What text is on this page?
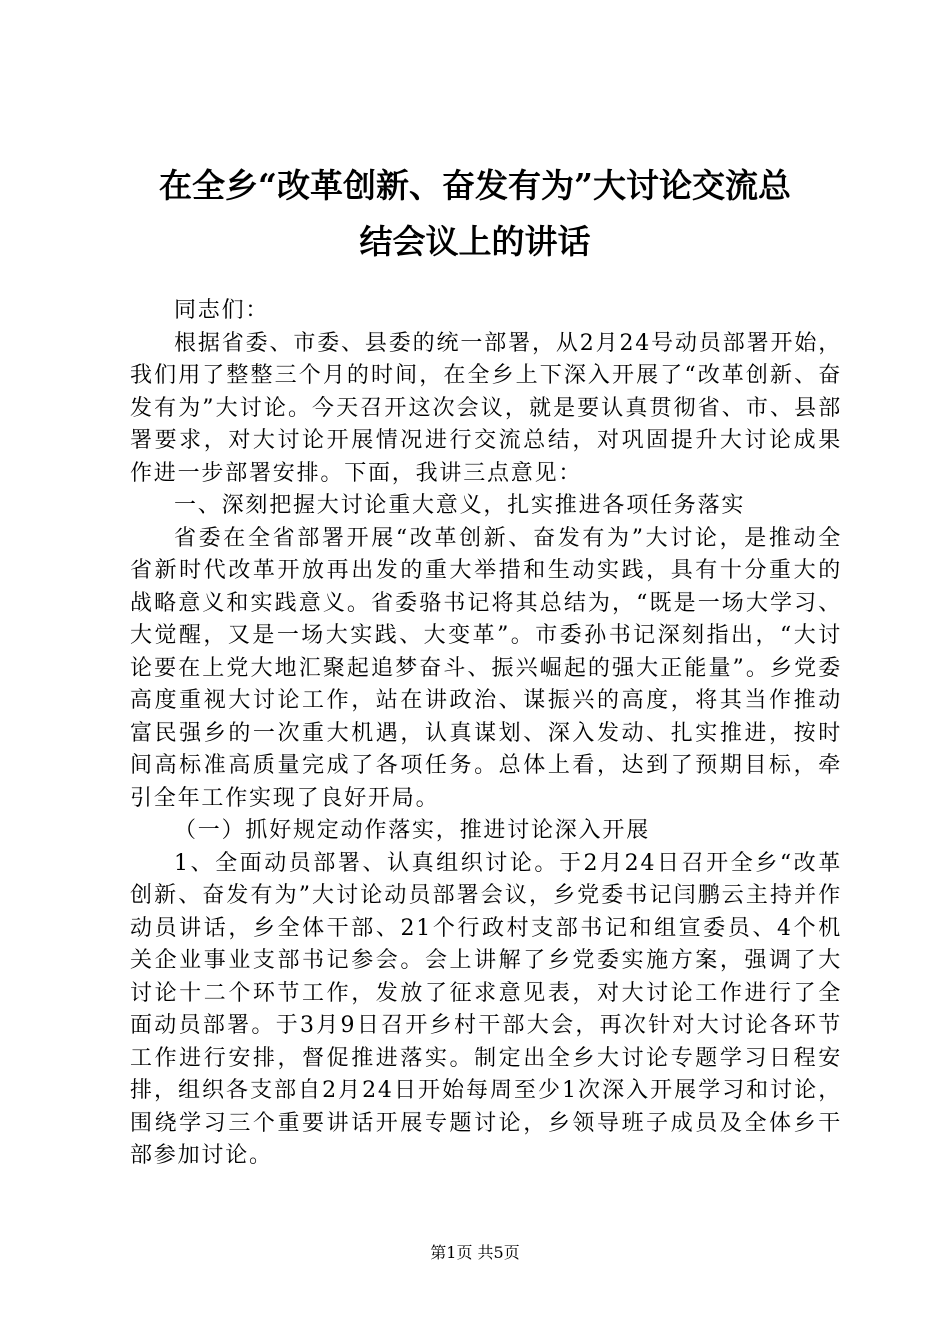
在全乡“改革创新、奋发有为”大讨论交流总
结会议上的讲话

同志们：

根据省委、市委、县委的统一部署，从2月24号动员部署开始，我们用了整整三个月的时间，在全乡上下深入开展了“改革创新、奋发有为”大讨论。今天召开这次会议，就是要认真贯彻省、市、县部署要求，对大讨论开展情况进行交流总结，对巩固提升大讨论成果作进一步部署安排。下面，我讲三点意见：

一、深刻把握大讨论重大意义，扎实推进各项任务落实

省委在全省部署开展“改革创新、奋发有为”大讨论，是推动全省新时代改革开放再出发的重大举措和生动实践，具有十分重大的战略意义和实践意义。省委骆书记将其总结为，“既是一场大学习、大觉醒，又是一场大实践、大变革”。市委孙书记深刻指出，“大讨论要在上党大地汇聚起追梦奋斗、振兴崛起的强大正能量”。乡党委高度重视大讨论工作，站在讲政治、谋振兴的高度，将其当作推动富民强乡的一次重大机遇，认真谋划、深入发动、扎实推进，按时间高标准高质量完成了各项任务。总体上看，达到了预期目标，牵引全年工作实现了良好开局。

（一）抓好规定动作落实，推进讨论深入开展

1、全面动员部署、认真组织讨论。于2月24日召开全乡“改革创新、奋发有为”大讨论动员部署会议，乡党委书记闫鹏云主持并作动员讲话，乡全体干部、21个行政村支部书记和组宣委员、4个机关企业事业支部书记参会。会上讲解了乡党委实施方案，强调了大讨论十二个环节工作，发放了征求意见表，对大讨论工作进行了全面动员部署。于3月9日召开乡村干部大会，再次针对大讨论各环节工作进行安排，督促推进落实。制定出全乡大讨论专题学习日程安排，组织各支部自2月24日开始每周至少1次深入开展学习和讨论，围绕学习三个重要讲话开展专题讨论，乡领导班子成员及全体乡干部参加讨论。

第1页 共5页
